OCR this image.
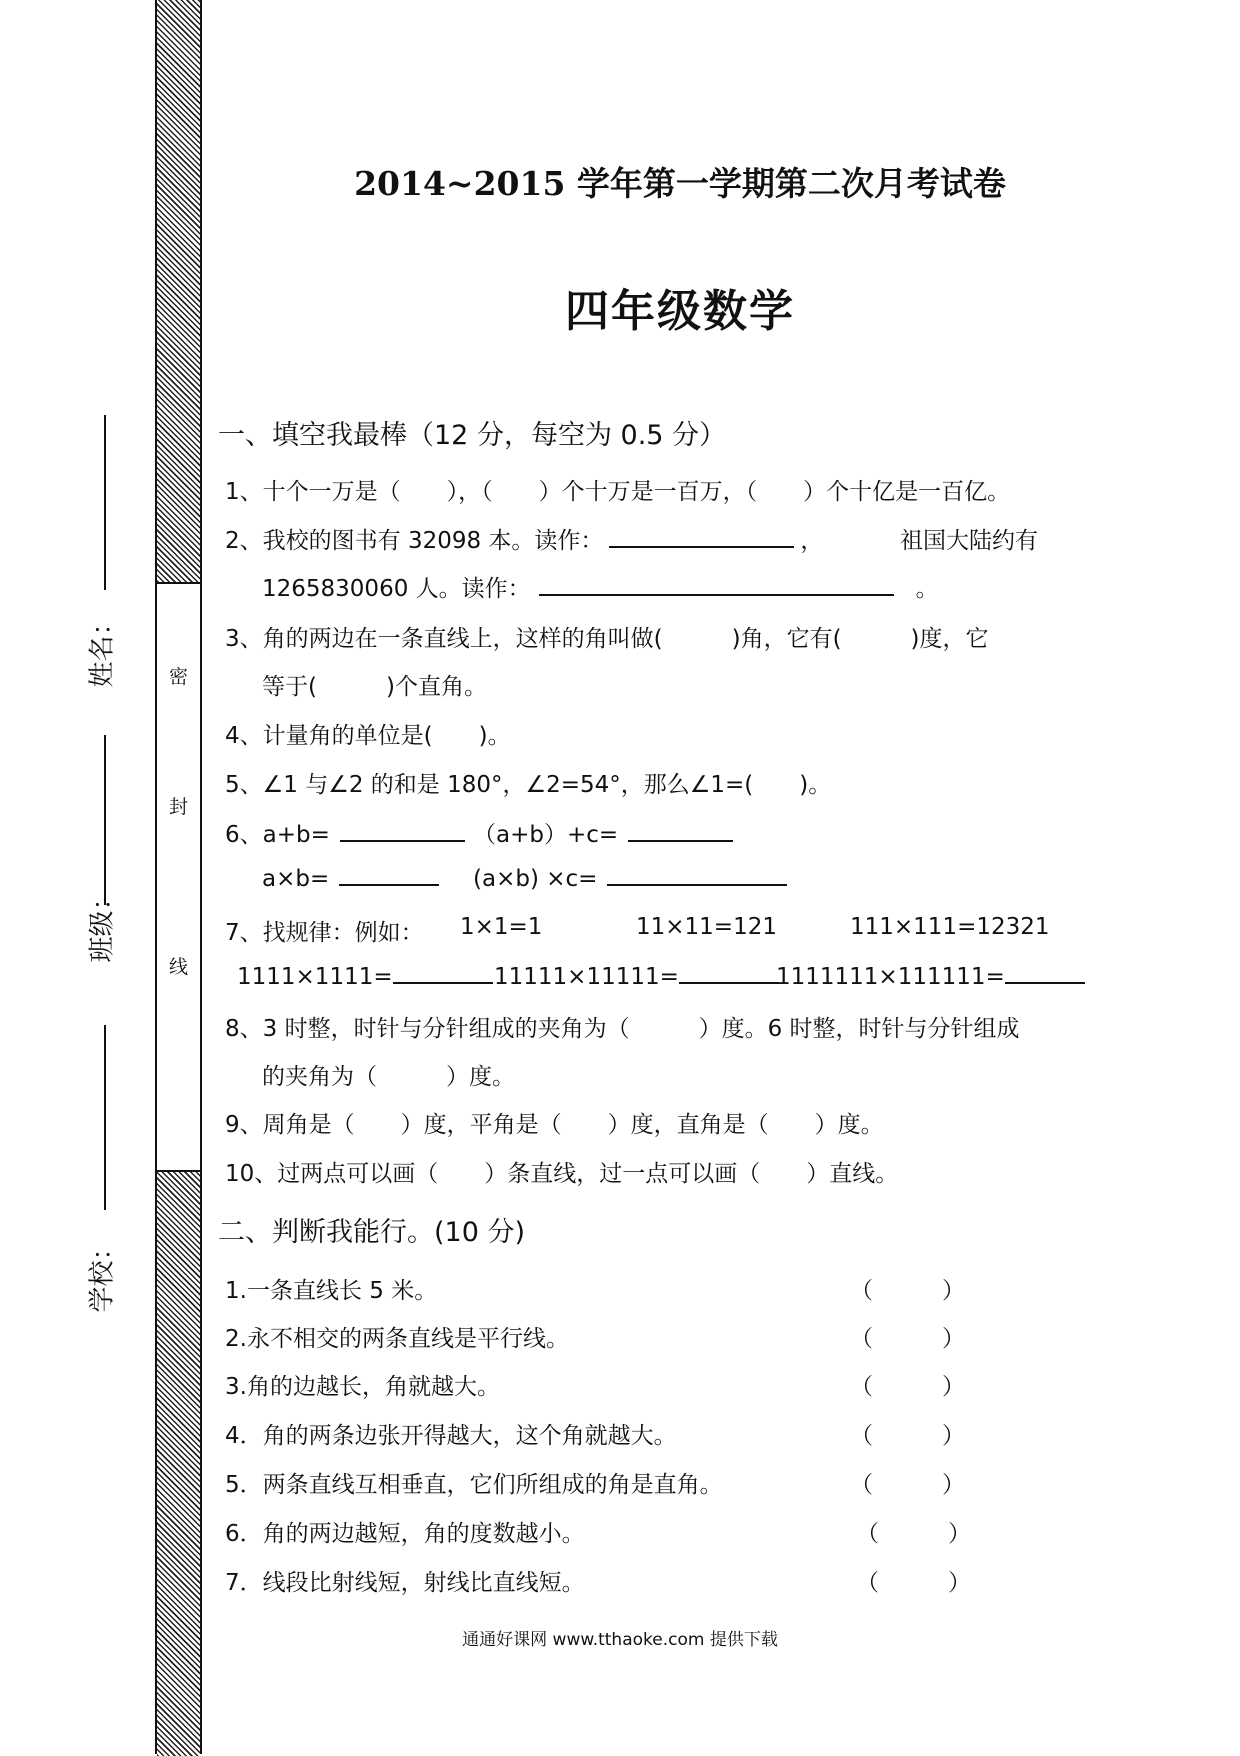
姓名：
班级：
学校：
密
封
线
2014~2015 学年第一学期第二次月考试卷
四年级数学
一、填空我最棒（12 分，每空为 0.5 分）
1、十个一万是（　　），（　　）个十万是一百万，（　　）个十亿是一百亿。
2、我校的图书有 32098 本。读作：	，	祖国大陆约有
1265830060 人。读作：	。
3、角的两边在一条直线上，这样的角叫做(　　　)角，它有(　　　)度，它
等于(　　　)个直角。
4、计量角的单位是(　　)。
5、∠1 与∠2 的和是 180°，∠2=54°，那么∠1=(　　)。
6、a+b=	（a+b）+c=
a×b=	(a×b) ×c=
7、找规律：例如： 1×1=1	11×11=121	111×111=12321
1111×1111=	11111×11111=	1111111×111111=
8、3 时整，时针与分针组成的夹角为（　　　）度。6 时整，时针与分针组成
的夹角为（　　　）度。
9、周角是（　　）度，平角是（　　）度，直角是（　　）度。
10、过两点可以画（　　）条直线，过一点可以画（　　）直线。
二、判断我能行。(10 分)
1.一条直线长 5 米。	（　　　）
2.永不相交的两条直线是平行线。	（　　　）
3.角的边越长，角就越大。	（　　　）
4．角的两条边张开得越大，这个角就越大。	（　　　）
5．两条直线互相垂直，它们所组成的角是直角。	（　　　）
6．角的两边越短，角的度数越小。	（　　　）
7．线段比射线短，射线比直线短。	（　　　）
通通好课网 www.tthaoke.com 提供下载
